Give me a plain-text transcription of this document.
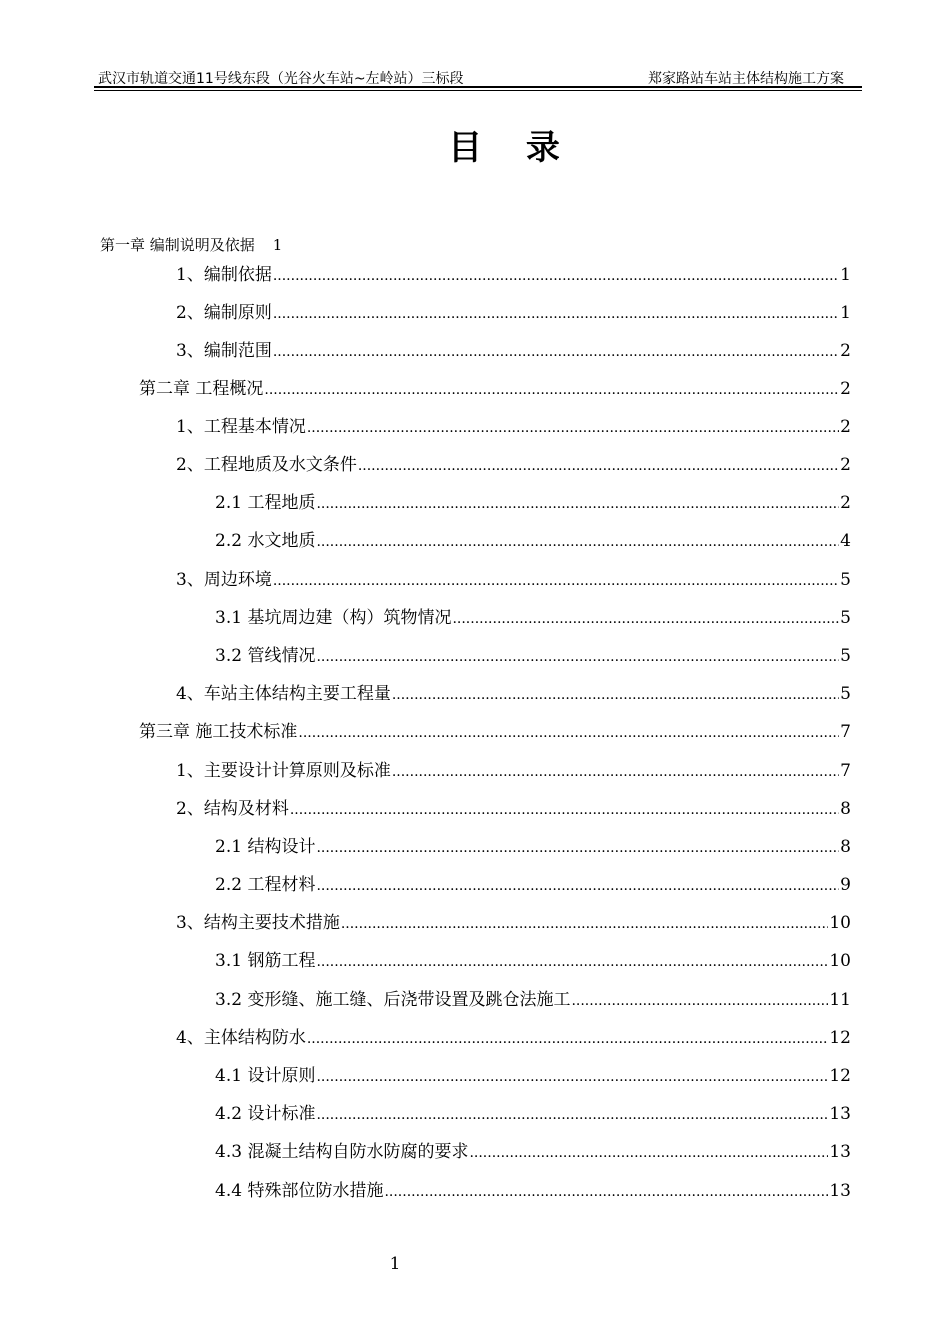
武汉市轨道交通11号线东段（光谷火车站~左岭站）三标段	郑家路站车站主体结构施工方案
目 录
第一章 编制说明及依据 1
1、编制依据 .....	1
2、编制原则 .....	1
3、编制范围 .....	2
第二章 工程概况 .....	2
1、工程基本情况 .....	2
2、工程地质及水文条件 .....	2
2.1 工程地质 .....	2
2.2 水文地质 .....	4
3、周边环境 .....	5
3.1 基坑周边建（构）筑物情况 .....	5
3.2 管线情况 .....	5
4、车站主体结构主要工程量 .....	5
第三章 施工技术标准 .....	7
1、主要设计计算原则及标准 .....	7
2、结构及材料 .....	8
2.1 结构设计 .....	8
2.2 工程材料 .....	9
3、结构主要技术措施 .....	10
3.1 钢筋工程 .....	10
3.2 变形缝、施工缝、后浇带设置及跳仓法施工 .....	11
4、主体结构防水 .....	12
4.1 设计原则 .....	12
4.2 设计标准 .....	13
4.3 混凝土结构自防水防腐的要求 .....	13
4.4 特殊部位防水措施 .....	13
1
